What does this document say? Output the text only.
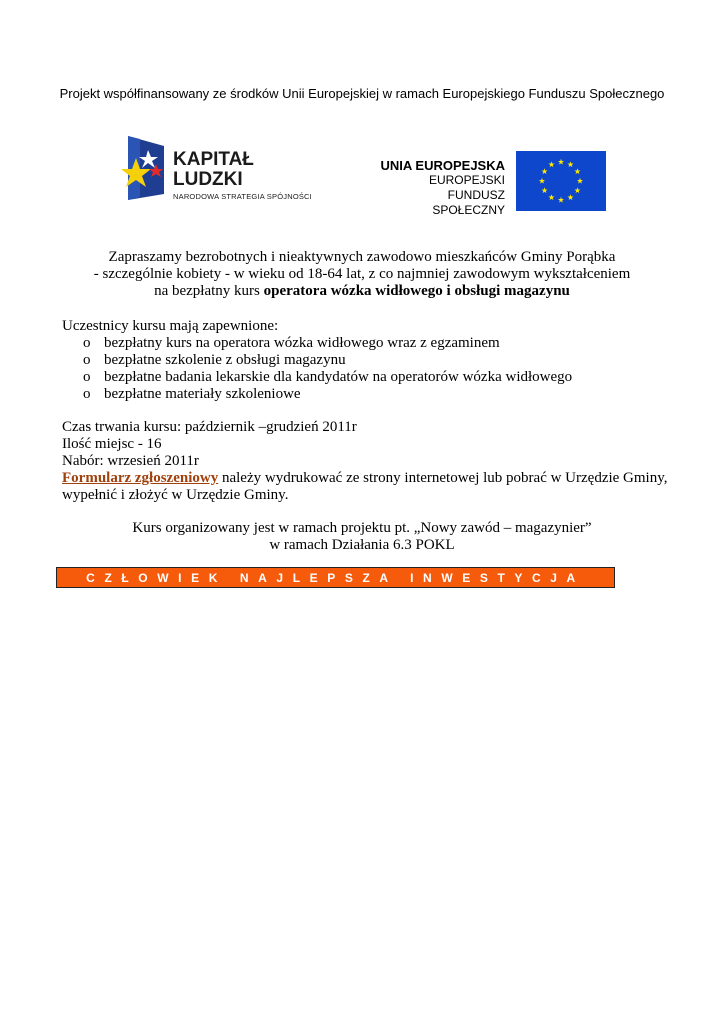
Projekt współfinansowany ze środków Unii Europejskiej w ramach Europejskiego Funduszu Społecznego
KAPITAŁ LUDZKI
NARODOWA STRATEGIA SPÓJNOŚCI
UNIA EUROPEJSKA
EUROPEJSKI
FUNDUSZ SPOŁECZNY
Zapraszamy bezrobotnych i nieaktywnych zawodowo mieszkańców Gminy Porąbka
- szczególnie kobiety - w wieku od 18-64 lat, z co najmniej zawodowym wykształceniem
na bezpłatny kurs operatora wózka widłowego i obsługi magazynu
Uczestnicy kursu mają zapewnione:
o bezpłatny kurs na operatora wózka widłowego wraz z egzaminem
o bezpłatne szkolenie z obsługi magazynu
o bezpłatne badania lekarskie dla kandydatów na operatorów wózka widłowego
o bezpłatne materiały szkoleniowe
Czas trwania kursu: październik –grudzień 2011r
Ilość miejsc - 16
Nabór: wrzesień 2011r
Formularz zgłoszeniowy należy wydrukować ze strony internetowej lub pobrać w Urzędzie Gminy, wypełnić i złożyć w Urzędzie Gminy.
Kurs organizowany jest w ramach projektu pt. „Nowy zawód – magazynier”
w ramach Działania 6.3 POKL
CZŁOWIEK NAJLEPSZA INWESTYCJA
